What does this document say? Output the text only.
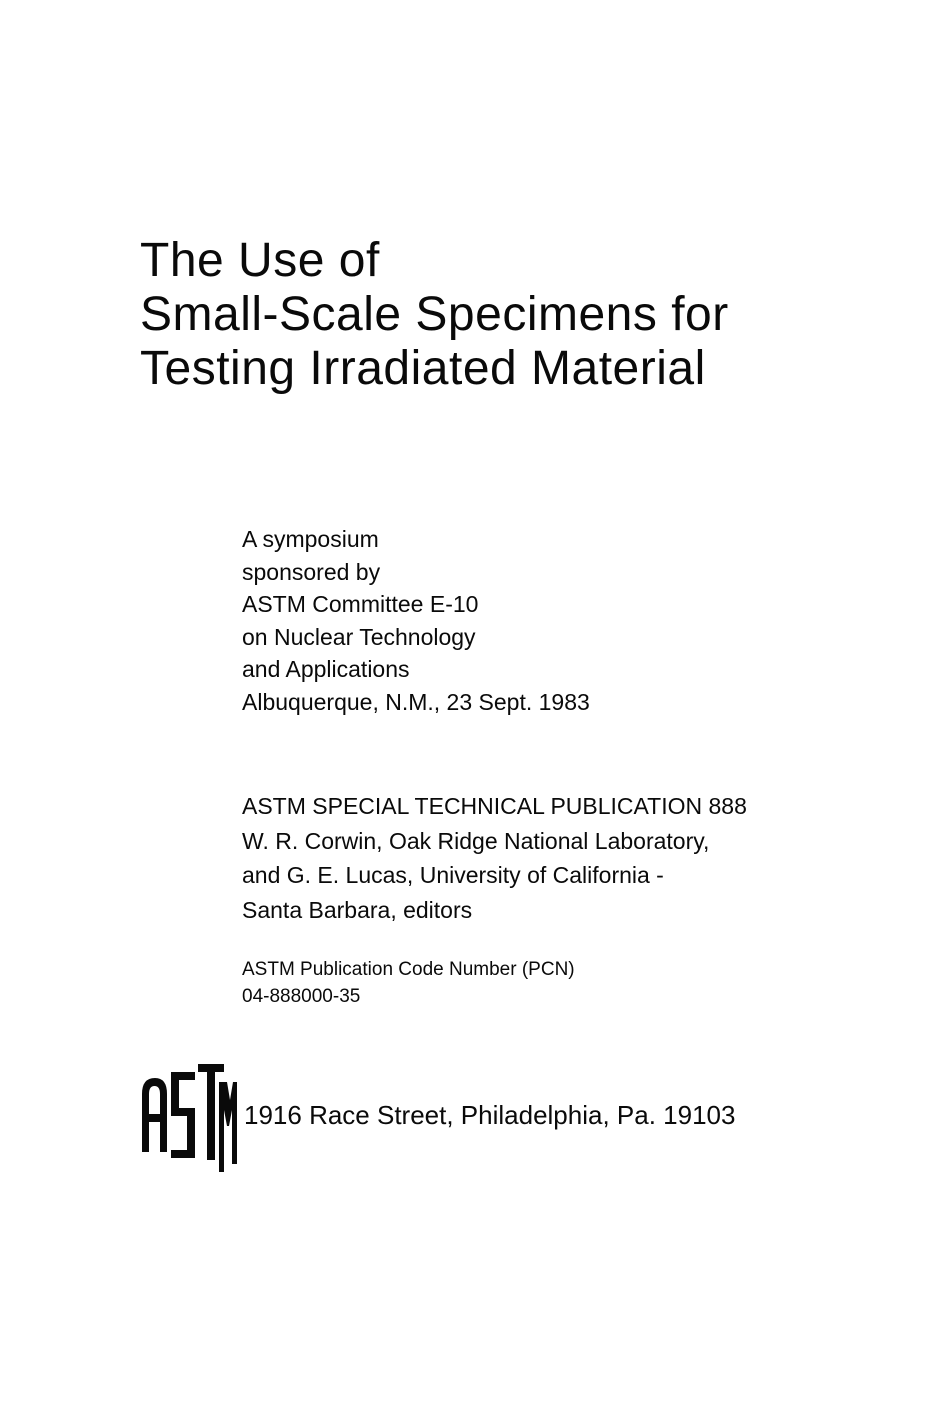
The Use of
Small-Scale Specimens for
Testing Irradiated Material
A symposium
sponsored by
ASTM Committee E-10
on Nuclear Technology
and Applications
Albuquerque, N.M., 23 Sept. 1983
ASTM SPECIAL TECHNICAL PUBLICATION 888
W. R. Corwin, Oak Ridge National Laboratory,
and G. E. Lucas, University of California -
Santa Barbara, editors
ASTM Publication Code Number (PCN)
04-888000-35
1916 Race Street, Philadelphia, Pa. 19103
